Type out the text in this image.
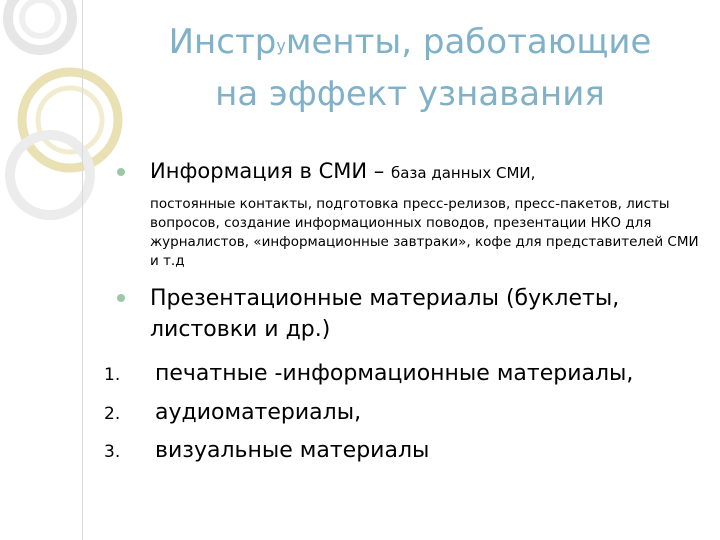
Инструменты, работающие
на эффект узнавания
Информация в СМИ – база данных СМИ,
постоянные контакты, подготовка пресс-релизов, пресс-пакетов, листы вопросов, создание информационных поводов, презентации НКО для журналистов, «информационные завтраки», кофе для представителей СМИ и т.д
Презентационные материалы (буклеты,
листовки и др.)
1. печатные -информационные материалы,
2. аудиоматериалы,
3. визуальные материалы
